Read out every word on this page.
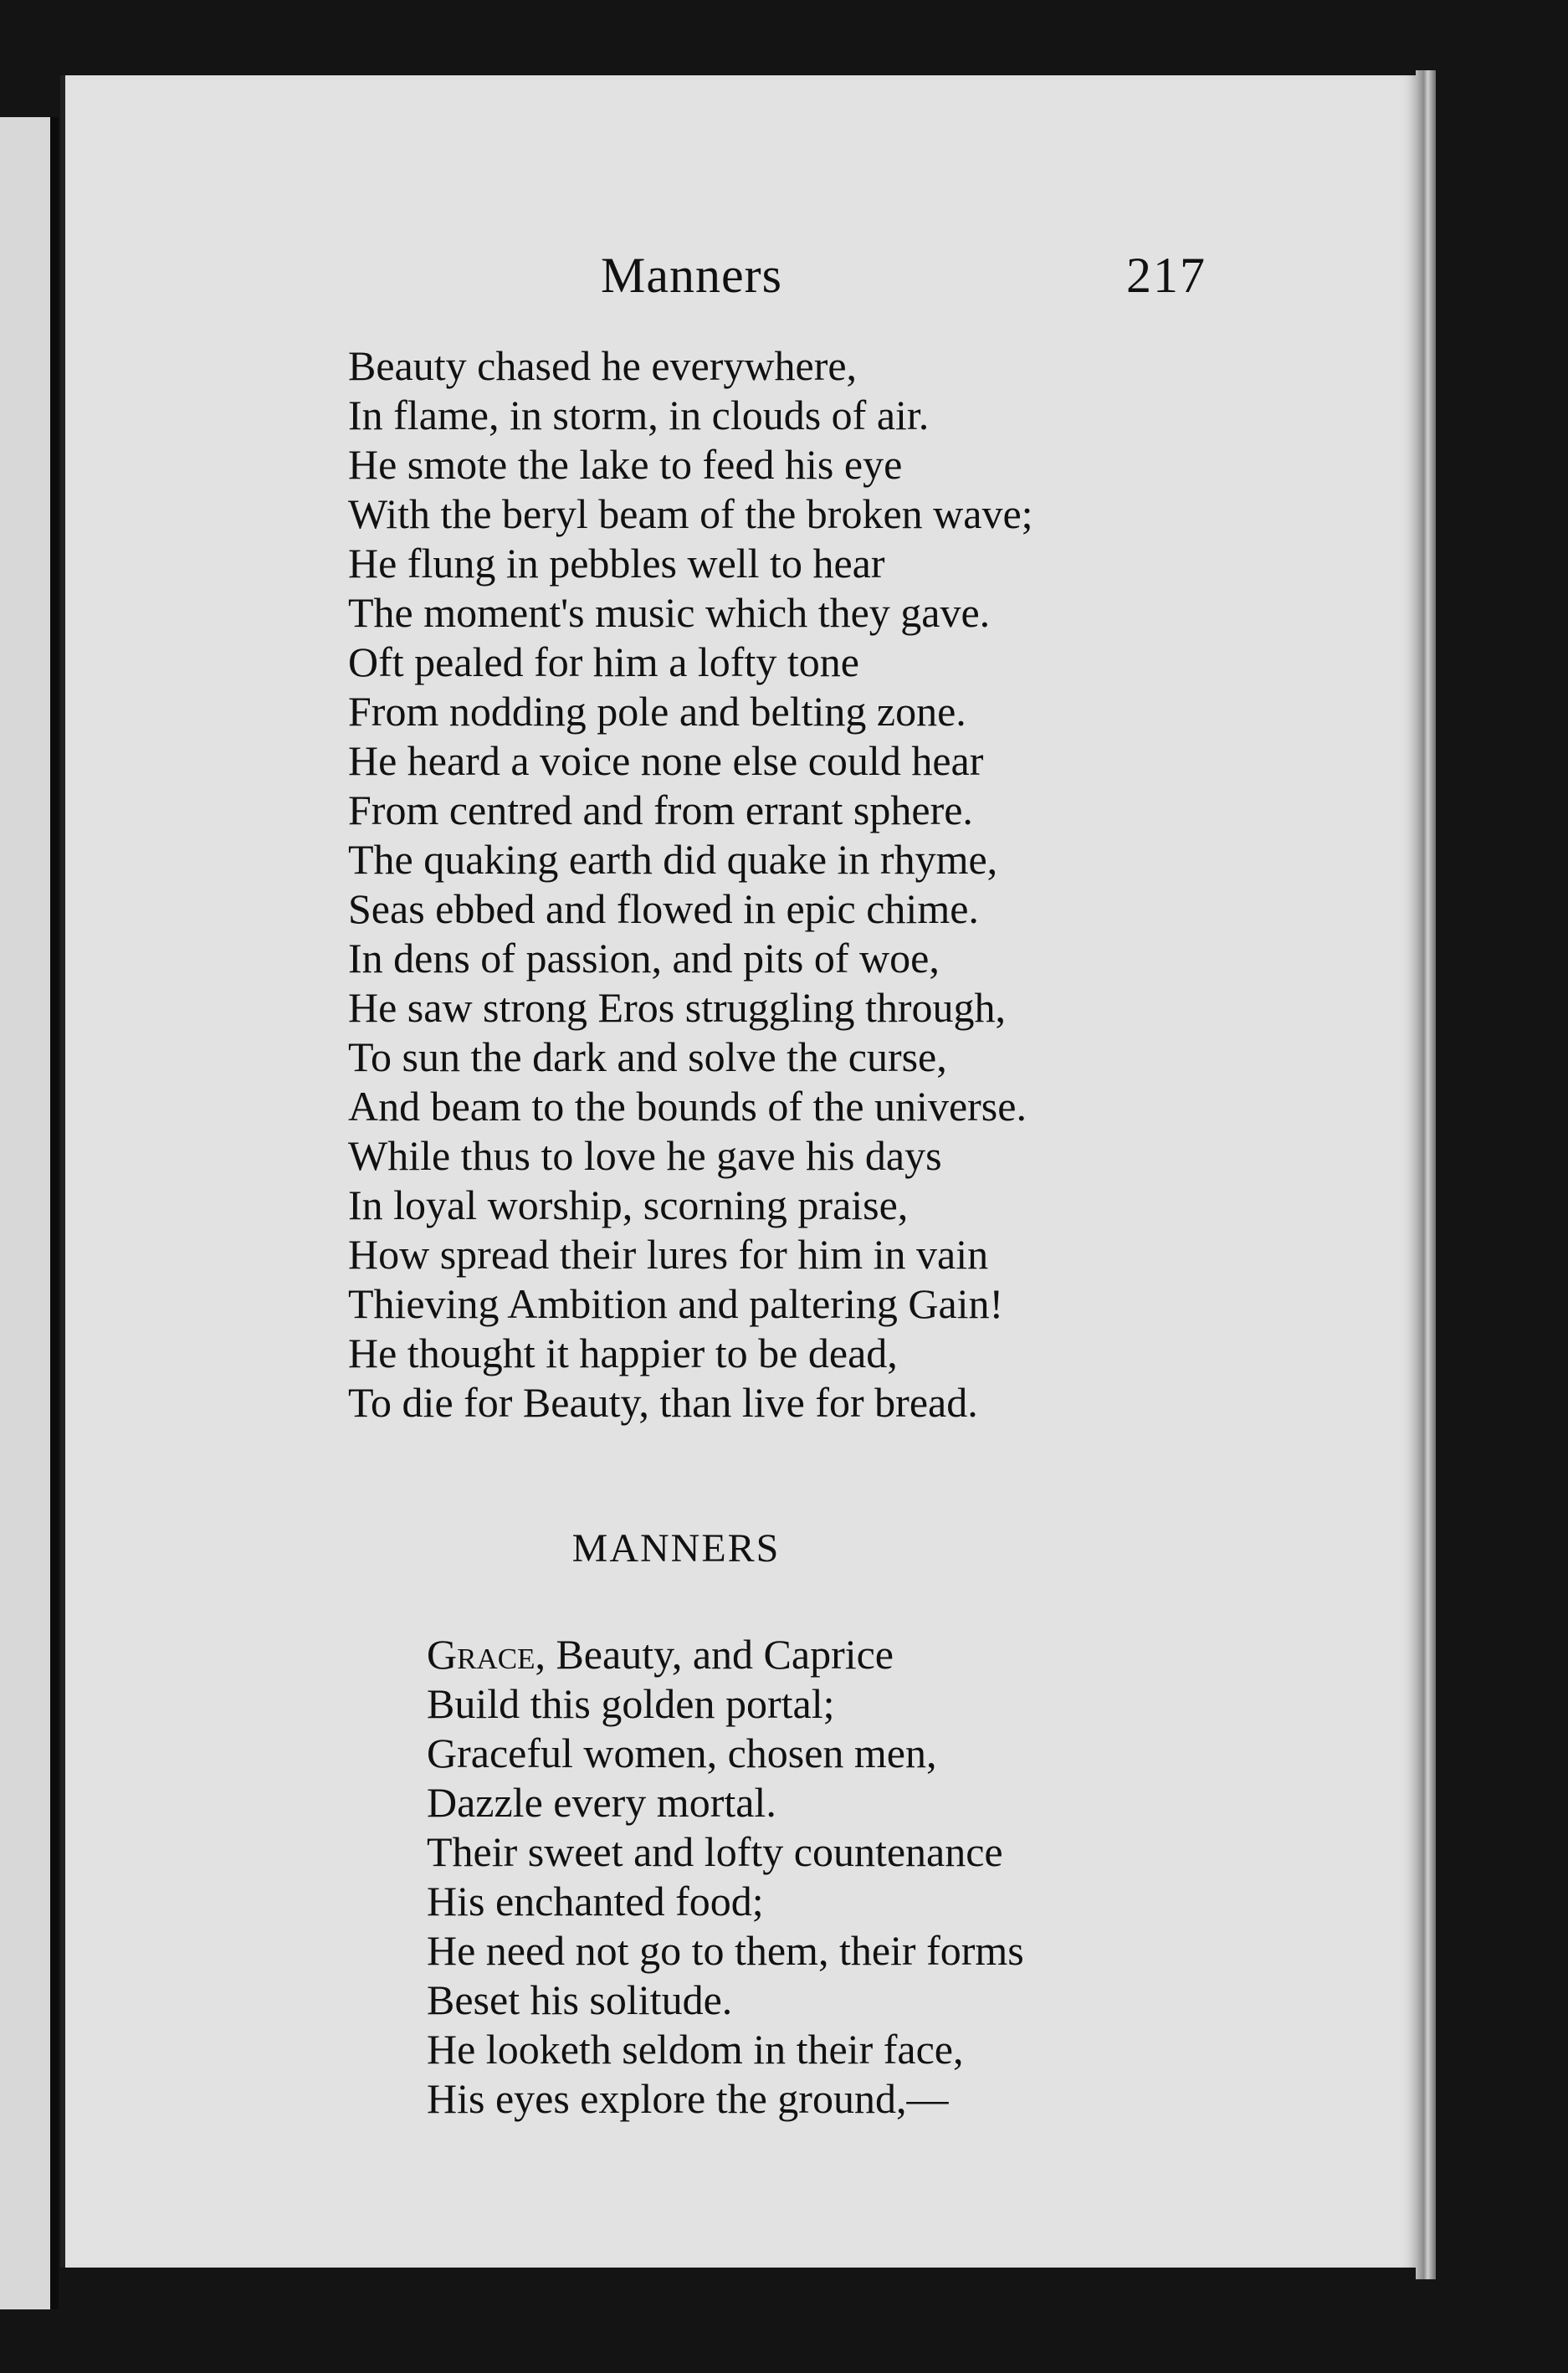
Manners	217
Beauty chased he everywhere,
In flame, in storm, in clouds of air.
He smote the lake to feed his eye
With the beryl beam of the broken wave;
He flung in pebbles well to hear
The moment's music which they gave.
Oft pealed for him a lofty tone
From nodding pole and belting zone.
He heard a voice none else could hear
From centred and from errant sphere.
The quaking earth did quake in rhyme,
Seas ebbed and flowed in epic chime.
In dens of passion, and pits of woe,
He saw strong Eros struggling through,
To sun the dark and solve the curse,
And beam to the bounds of the universe.
While thus to love he gave his days
In loyal worship, scorning praise,
How spread their lures for him in vain
Thieving Ambition and paltering Gain!
He thought it happier to be dead,
To die for Beauty, than live for bread.
MANNERS
Grace, Beauty, and Caprice
Build this golden portal;
Graceful women, chosen men,
Dazzle every mortal.
Their sweet and lofty countenance
His enchanted food;
He need not go to them, their forms
Beset his solitude.
He looketh seldom in their face,
His eyes explore the ground,—
